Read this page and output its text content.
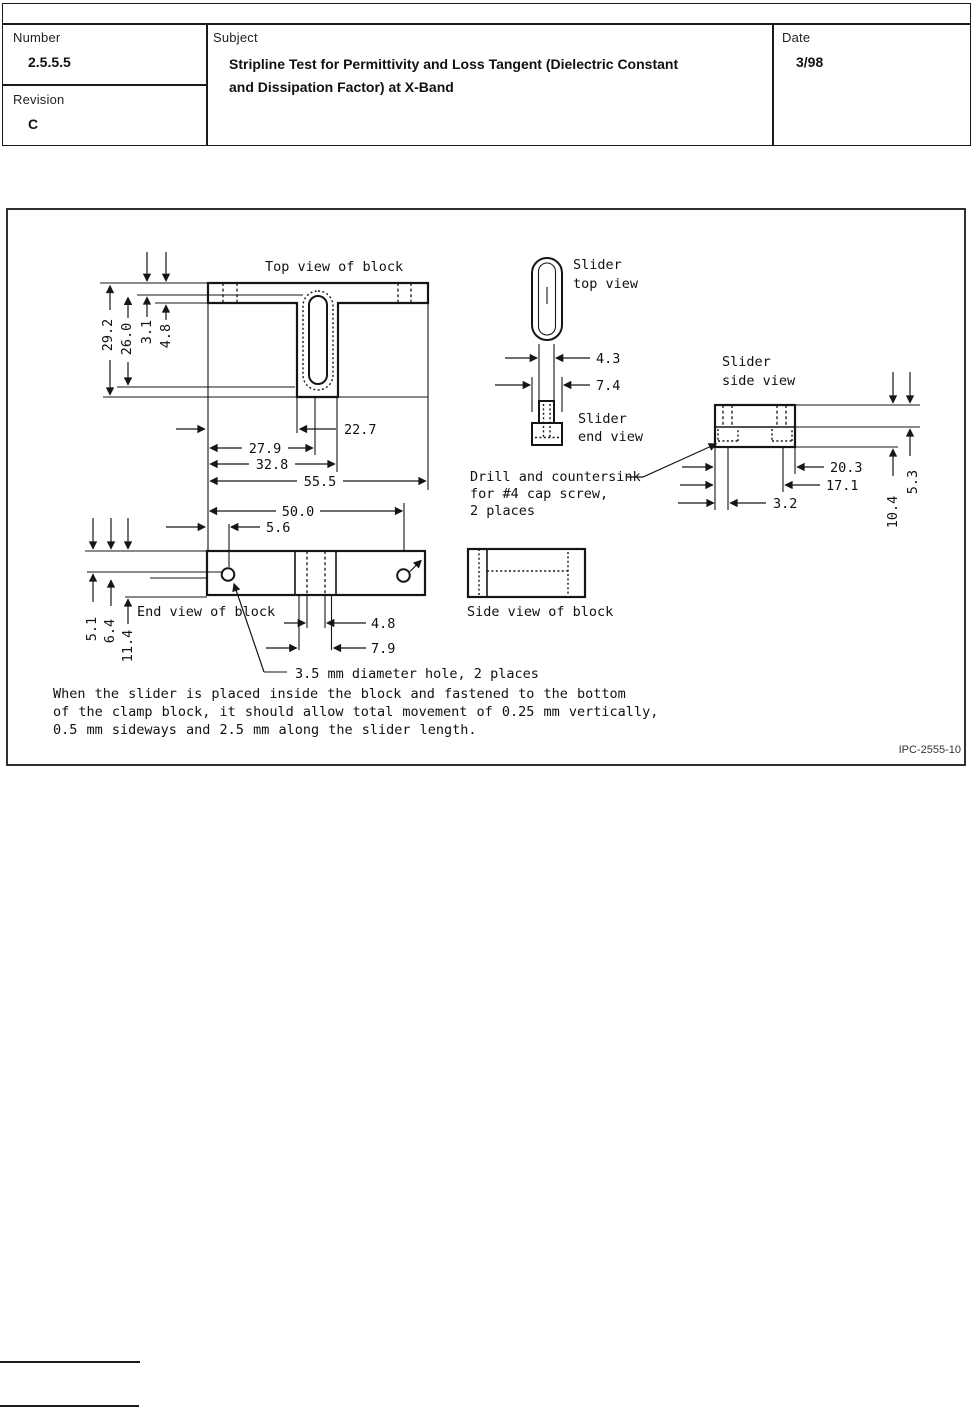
Number
2.5.5.5
Revision
C
Subject
Stripline Test for Permittivity and Loss Tangent (Dielectric Constant
and Dissipation Factor) at X-Band
Date
3/98
Top view of block
29.2 26.0 3.1 4.8
22.7
27.9
32.8
55.5
Slider
top view
4.3
7.4
Slider
end view
Drill and countersink
for #4 cap screw,
2 places
Slider
side view
20.3
17.1
3.2
5.3
10.4
50.0
5.6
4.8
7.9
5.1 6.4 11.4
End view of block
3.5 mm diameter hole, 2 places
Side view of block
When the slider is placed inside the block and fastened to the bottom
of the clamp block, it should allow total movement of 0.25 mm vertically,
0.5 mm sideways and 2.5 mm along the slider length.
IPC-2555-10
